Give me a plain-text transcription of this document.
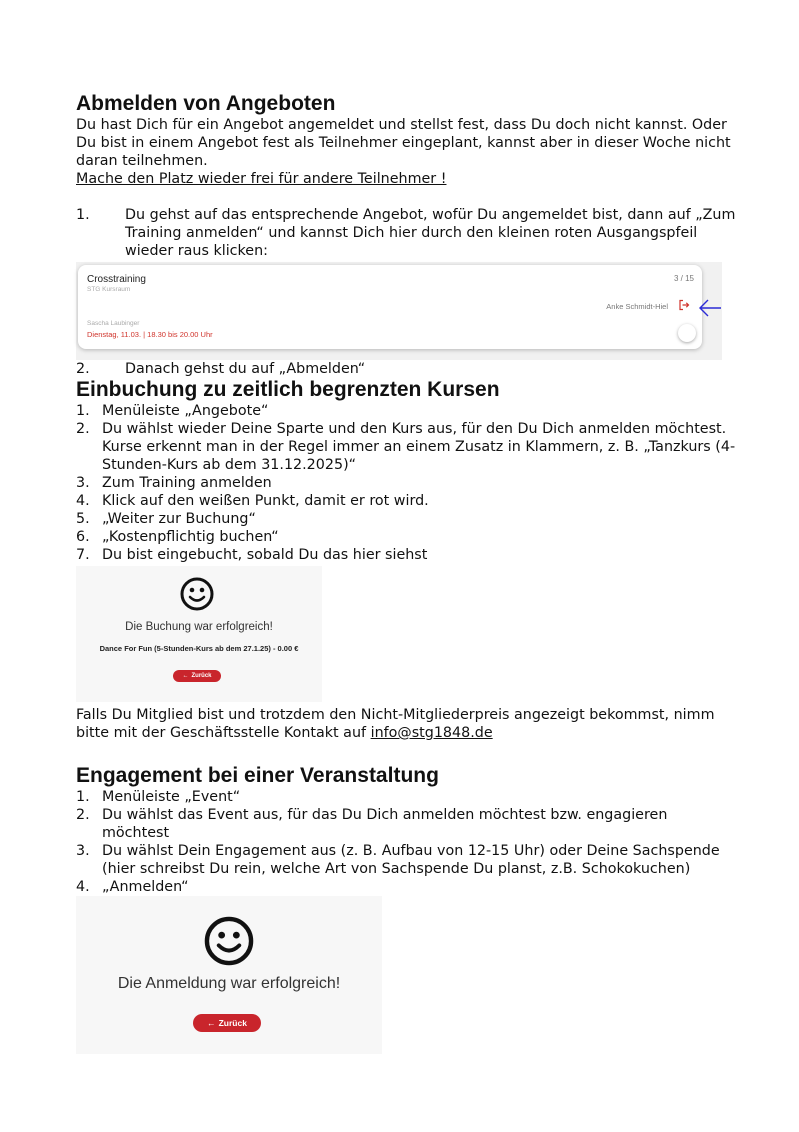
Abmelden von Angeboten

Du hast Dich für ein Angebot angemeldet und stellst fest, dass Du doch nicht kannst. Oder Du bist in einem Angebot fest als Teilnehmer eingeplant, kannst aber in dieser Woche nicht daran teilnehmen.

Mache den Platz wieder frei für andere Teilnehmer !

1.	Du gehst auf das entsprechende Angebot, wofür Du angemeldet bist, dann auf „Zum Training anmelden“ und kannst Dich hier durch den kleinen roten Ausgangspfeil wieder raus klicken:
Crosstraining
STG Kursraum
3 / 15
Anke Schmidt-Hiel
Sascha Laubinger
Dienstag, 11.03. | 18.30 bis 20.00 Uhr
2.	Danach gehst du auf „Abmelden“
Einbuchung zu zeitlich begrenzten Kursen
1. Menüleiste „Angebote“
2. Du wählst wieder Deine Sparte und den Kurs aus, für den Du Dich anmelden möchtest. Kurse erkennt man in der Regel immer an einem Zusatz in Klammern, z. B. „Tanzkurs (4-Stunden-Kurs ab dem 31.12.2025)“
3. Zum Training anmelden
4. Klick auf den weißen Punkt, damit er rot wird.
5. „Weiter zur Buchung“
6. „Kostenpflichtig buchen“
7. Du bist eingebucht, sobald Du das hier siehst
Die Buchung war erfolgreich!
Dance For Fun (5-Stunden-Kurs ab dem 27.1.25) - 0.00 €
← Zurück

Falls Du Mitglied bist und trotzdem den Nicht-Mitgliederpreis angezeigt bekommst, nimm bitte mit der Geschäftsstelle Kontakt auf info@stg1848.de

Engagement bei einer Veranstaltung
1. Menüleiste „Event“
2. Du wählst das Event aus, für das Du Dich anmelden möchtest bzw. engagieren möchtest
3. Du wählst Dein Engagement aus (z. B. Aufbau von 12-15 Uhr) oder Deine Sachspende (hier schreibst Du rein, welche Art von Sachspende Du planst, z.B. Schokokuchen)
4. „Anmelden“
Die Anmeldung war erfolgreich!
← Zurück
